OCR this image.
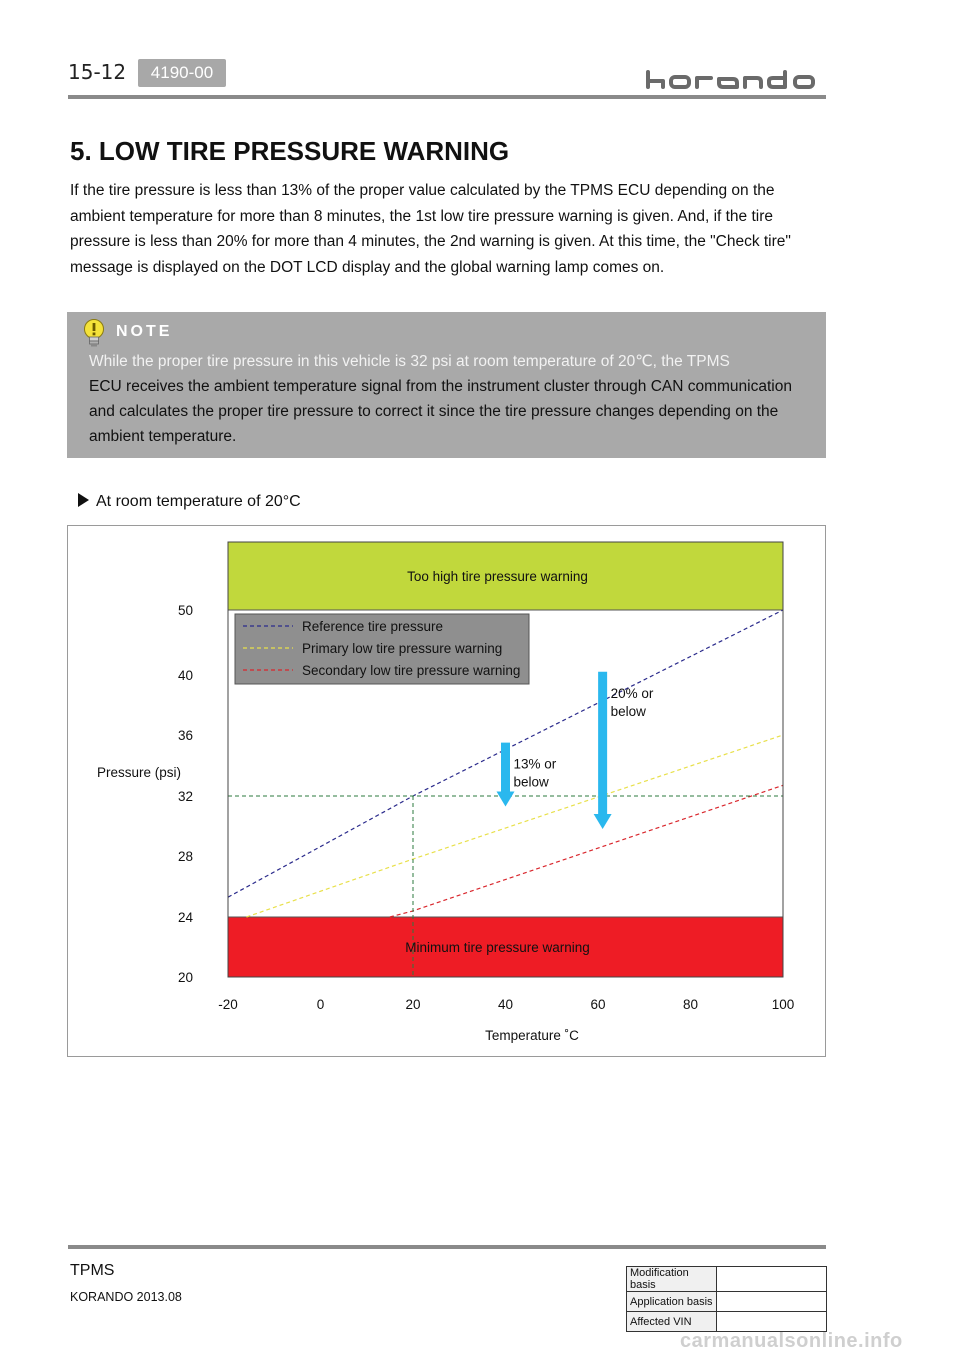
15-12	4190-00
5. LOW TIRE PRESSURE WARNING
If the tire pressure is less than 13% of the proper value calculated by the TPMS ECU depending on the ambient temperature for more than 8 minutes, the 1st low tire pressure warning is given. And, if the tire pressure is less than 20% for more than 4 minutes, the 2nd warning is given. At this time, the "Check tire" message is displayed on the DOT LCD display and the global warning lamp comes on.
NOTE
While the proper tire pressure in this vehicle is 32 psi at room temperature of 20℃, the TPMS
ECU receives the ambient temperature signal from the instrument cluster through CAN communication and calculates the proper tire pressure to correct it since the tire pressure changes depending on the ambient temperature.
At room temperature of 20°C
Reference tire pressure
Primary low tire pressure warning
Secondary low tire pressure warning
13% or below
20% or below
-20	0	20	40	60	80	100
20
24
28
32
36
40
50
Temperature ˚C
Pressure (psi)
Too high tire pressure warning
Minimum tire pressure warning
TPMS
KORANDO 2013.08
Modification basis	
Application basis	
Affected VIN	
carmanualsonline.info
